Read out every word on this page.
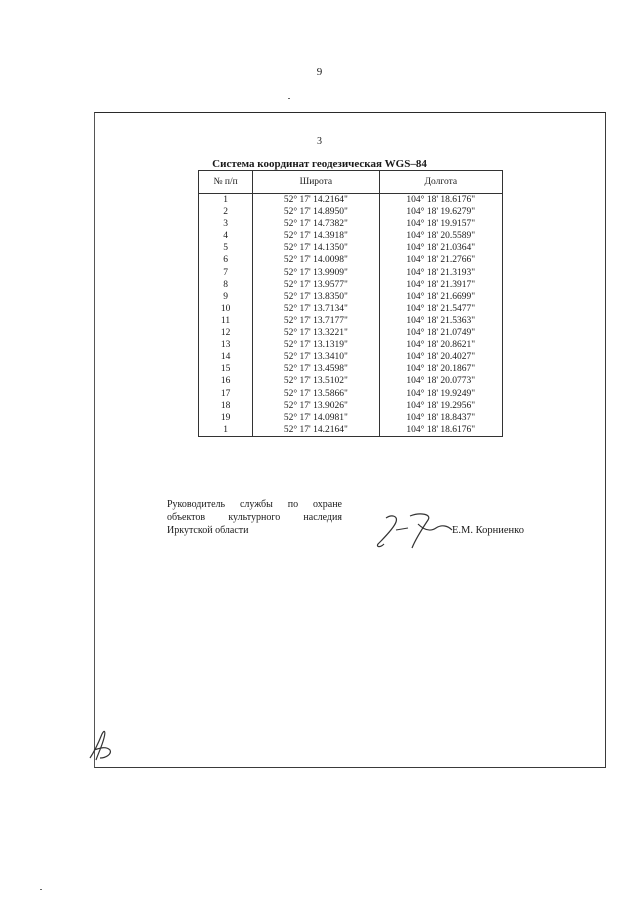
9
3
Система координат геодезическая WGS–84
№ п/п	Широта	Долгота
1	52° 17' 14.2164"	104° 18' 18.6176"
2	52° 17' 14.8950"	104° 18' 19.6279"
3	52° 17' 14.7382"	104° 18' 19.9157"
4	52° 17' 14.3918"	104° 18' 20.5589"
5	52° 17' 14.1350"	104° 18' 21.0364"
6	52° 17' 14.0098"	104° 18' 21.2766"
7	52° 17' 13.9909"	104° 18' 21.3193"
8	52° 17' 13.9577"	104° 18' 21.3917"
9	52° 17' 13.8350"	104° 18' 21.6699"
10	52° 17' 13.7134"	104° 18' 21.5477"
11	52° 17' 13.7177"	104° 18' 21.5363"
12	52° 17' 13.3221"	104° 18' 21.0749"
13	52° 17' 13.1319"	104° 18' 20.8621"
14	52° 17' 13.3410"	104° 18' 20.4027"
15	52° 17' 13.4598"	104° 18' 20.1867"
16	52° 17' 13.5102"	104° 18' 20.0773"
17	52° 17' 13.5866"	104° 18' 19.9249"
18	52° 17' 13.9026"	104° 18' 19.2956"
19	52° 17' 14.0981"	104° 18' 18.8437"
1	52° 17' 14.2164"	104° 18' 18.6176"
Руководитель службы по охране
объектов культурного наследия
Иркутской области	Е.М. Корниенко
